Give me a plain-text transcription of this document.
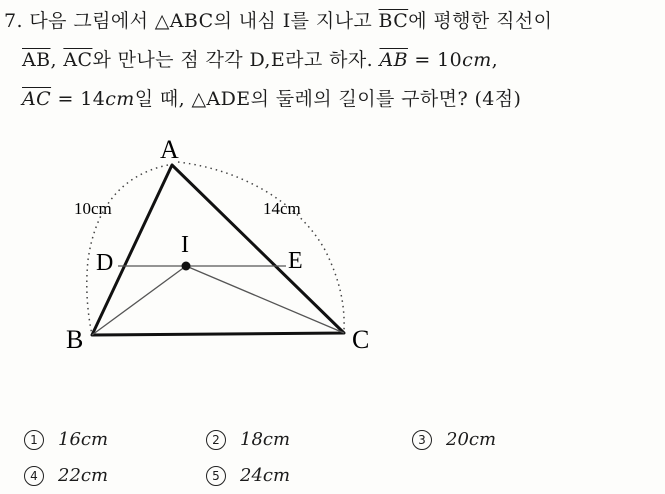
7. 다음 그림에서 △ABC의 내심 I를 지나고 $\overline{BC}$에 평행한 직선이
$\overline{AB}$, $\overline{AC}$와 만나는 점 각각 D,E라고 하자. $\overline{AB} = 10cm$,
$\overline{AC} = 14cm$일 때, △ADE의 둘레의 길이를 구하면? (4점)
A
B	C
D	E
I
10cm	14cm
1	16cm	2	18cm	3	20cm
4	22cm	5	24cm
